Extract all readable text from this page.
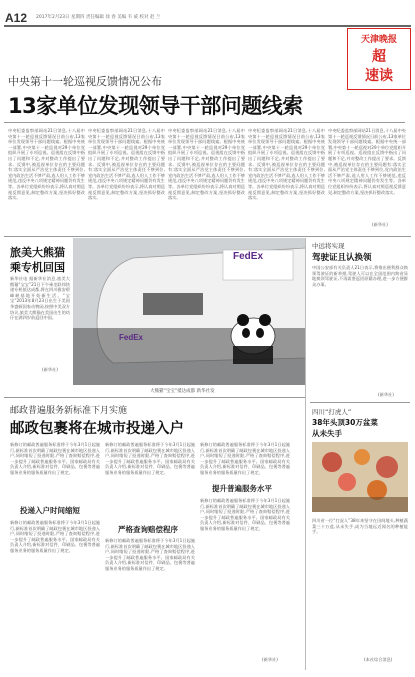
A12 2017年2月23日 星期四 责任编辑 徐 春 美编 韦 威 校对 赵 兰
天津晚报
超
速读
中央第十一轮巡视反馈情况公布
13家单位发现领导干部问题线索
中央纪委监察部网站21日消息,十八届中央第十一轮巡视反馈情况日前公布,13家单位发现领导干部问题线索。根据中央统一部署,中央第十一轮巡视对29个单位党组织开展了专项巡视。巡视组在反馈中指出了问题和不足,并对整改工作提出了要求。反馈中,被巡视单位存在的主要问题有:落实全面从严治党主体责任不够到位,党内政治生活不够严肃,选人用人工作不够规范,违反中央八项规定精神问题仍有发生等。各单位党组织纷纷表示,将认真对照巡视反馈意见,制定整改方案,坚决抓好整改落实。
中央纪委监察部网站21日消息,十八届中央第十一轮巡视反馈情况日前公布,13家单位发现领导干部问题线索。根据中央统一部署,中央第十一轮巡视对29个单位党组织开展了专项巡视。巡视组在反馈中指出了问题和不足,并对整改工作提出了要求。反馈中,被巡视单位存在的主要问题有:落实全面从严治党主体责任不够到位,党内政治生活不够严肃,选人用人工作不够规范,违反中央八项规定精神问题仍有发生等。各单位党组织纷纷表示,将认真对照巡视反馈意见,制定整改方案,坚决抓好整改落实。
中央纪委监察部网站21日消息,十八届中央第十一轮巡视反馈情况日前公布,13家单位发现领导干部问题线索。根据中央统一部署,中央第十一轮巡视对29个单位党组织开展了专项巡视。巡视组在反馈中指出了问题和不足,并对整改工作提出了要求。反馈中,被巡视单位存在的主要问题有:落实全面从严治党主体责任不够到位,党内政治生活不够严肃,选人用人工作不够规范,违反中央八项规定精神问题仍有发生等。各单位党组织纷纷表示,将认真对照巡视反馈意见,制定整改方案,坚决抓好整改落实。
中央纪委监察部网站21日消息,十八届中央第十一轮巡视反馈情况日前公布,13家单位发现领导干部问题线索。根据中央统一部署,中央第十一轮巡视对29个单位党组织开展了专项巡视。巡视组在反馈中指出了问题和不足,并对整改工作提出了要求。反馈中,被巡视单位存在的主要问题有:落实全面从严治党主体责任不够到位,党内政治生活不够严肃,选人用人工作不够规范,违反中央八项规定精神问题仍有发生等。各单位党组织纷纷表示,将认真对照巡视反馈意见,制定整改方案,坚决抓好整改落实。
中央纪委监察部网站21日消息,十八届中央第十一轮巡视反馈情况日前公布,13家单位发现领导干部问题线索。根据中央统一部署,中央第十一轮巡视对29个单位党组织开展了专项巡视。巡视组在反馈中指出了问题和不足,并对整改工作提出了要求。反馈中,被巡视单位存在的主要问题有:落实全面从严治党主体责任不够到位,党内政治生活不够严肃,选人用人工作不够规范,违反中央八项规定精神问题仍有发生等。各单位党组织纷纷表示,将认真对照巡视反馈意见,制定整改方案,坚决抓好整改落实。
(新华社)
旅美大熊猫
乘专机回国
新华社电 据新华社消息,旅美大熊猫“宝宝”21日下午乘坐联邦快递专机抵达成都,将在四川雅安碧峰峡基地开始新生活。“宝宝”2013年8月23日出生于美国华盛顿国家动物园,按照中美双方协议,旅美大熊猫在美国出生的幼仔在满四岁前返回中国。
(新华社)
FedEx
FedEx
大熊猫“宝宝”抵达成都 新华社发
邮政普遍服务新标准下月实施
邮政包裹将在城市投递入户
新修订的邮政普遍服务标准将于今年3月1日起施行,新标准首次明确了邮政包裹在城市地区投递入户,同时缩短了投递时限,严格了查询赔偿程序,进一步提升了邮政普遍服务水平。国家邮政局有关负责人介绍,新标准对信件、印刷品、包裹等普遍服务业务的服务质量作出了规定。
投递入户时间缩短
新修订的邮政普遍服务标准将于今年3月1日起施行,新标准首次明确了邮政包裹在城市地区投递入户,同时缩短了投递时限,严格了查询赔偿程序,进一步提升了邮政普遍服务水平。国家邮政局有关负责人介绍,新标准对信件、印刷品、包裹等普遍服务业务的服务质量作出了规定。
新修订的邮政普遍服务标准将于今年3月1日起施行,新标准首次明确了邮政包裹在城市地区投递入户,同时缩短了投递时限,严格了查询赔偿程序,进一步提升了邮政普遍服务水平。国家邮政局有关负责人介绍,新标准对信件、印刷品、包裹等普遍服务业务的服务质量作出了规定。
严格查询赔偿程序
新修订的邮政普遍服务标准将于今年3月1日起施行,新标准首次明确了邮政包裹在城市地区投递入户,同时缩短了投递时限,严格了查询赔偿程序,进一步提升了邮政普遍服务水平。国家邮政局有关负责人介绍,新标准对信件、印刷品、包裹等普遍服务业务的服务质量作出了规定。
新修订的邮政普遍服务标准将于今年3月1日起施行,新标准首次明确了邮政包裹在城市地区投递入户,同时缩短了投递时限,严格了查询赔偿程序,进一步提升了邮政普遍服务水平。国家邮政局有关负责人介绍,新标准对信件、印刷品、包裹等普遍服务业务的服务质量作出了规定。
提升普遍服务水平
新修订的邮政普遍服务标准将于今年3月1日起施行,新标准首次明确了邮政包裹在城市地区投递入户,同时缩短了投递时限,严格了查询赔偿程序,进一步提升了邮政普遍服务水平。国家邮政局有关负责人介绍,新标准对信件、印刷品、包裹等普遍服务业务的服务质量作出了规定。
(新华社)
中远将实现
驾驶证且认换领
中国公安部有关负责人21日表示,将推出便利群众换领驾驶证的新举措,驾驶人可以在全国范围内跨省异地换领驾驶证,不再需要返回原籍办理,进一步方便群众办事。
(新华社)
四川“打虎人”
38年头顶30万盆菜
从未失手
四川省一位“打虎人”38年来坚守在田间地头,种植蔬菜三十万盆,从未失手,成为当地远近闻名的种植能手。
(本社综合消息)
